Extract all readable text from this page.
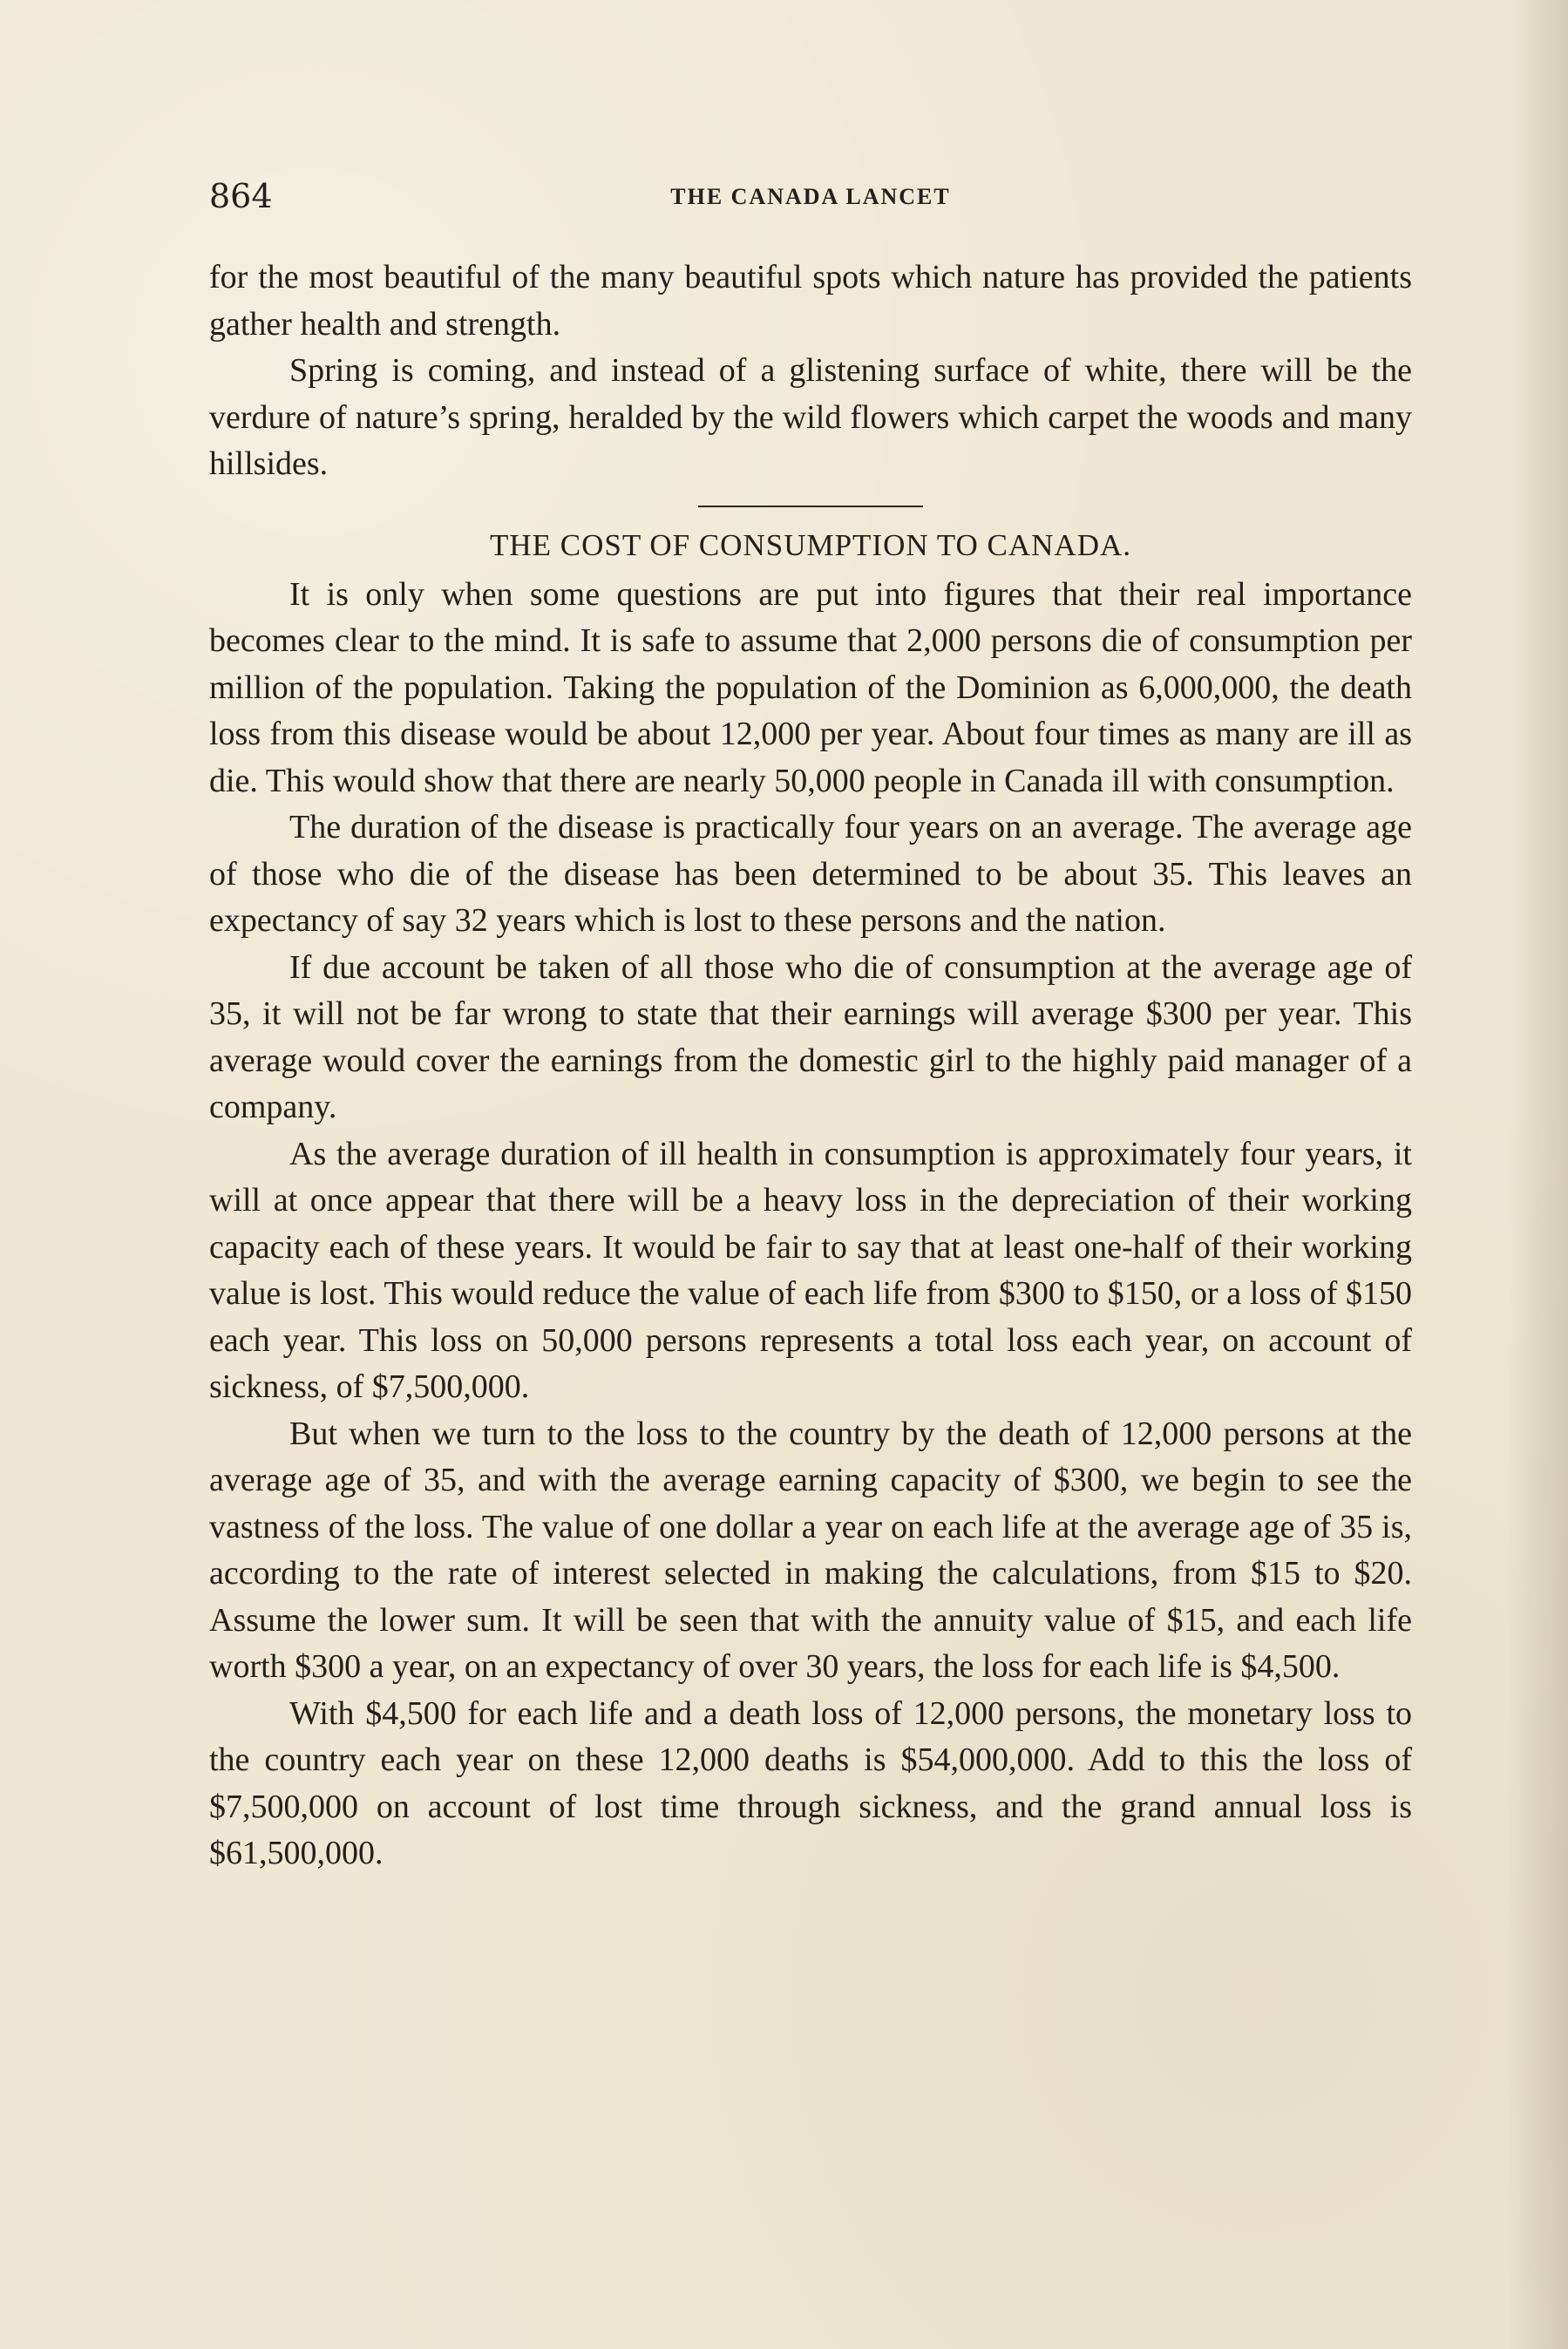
864	THE CANADA LANCET

for the most beautiful of the many beautiful spots which nature has provided the patients gather health and strength.

Spring is coming, and instead of a glistening surface of white, there will be the verdure of nature’s spring, heralded by the wild flowers which carpet the woods and many hillsides.

THE COST OF CONSUMPTION TO CANADA.

It is only when some questions are put into figures that their real importance becomes clear to the mind. It is safe to assume that 2,000 persons die of consumption per million of the population. Taking the population of the Dominion as 6,000,000, the death loss from this disease would be about 12,000 per year. About four times as many are ill as die. This would show that there are nearly 50,000 people in Canada ill with consumption.

The duration of the disease is practically four years on an average. The average age of those who die of the disease has been determined to be about 35. This leaves an expectancy of say 32 years which is lost to these persons and the nation.

If due account be taken of all those who die of consumption at the average age of 35, it will not be far wrong to state that their earnings will average $300 per year. This average would cover the earnings from the domestic girl to the highly paid manager of a company.

As the average duration of ill health in consumption is approximately four years, it will at once appear that there will be a heavy loss in the depreciation of their working capacity each of these years. It would be fair to say that at least one-half of their working value is lost. This would reduce the value of each life from $300 to $150, or a loss of $150 each year. This loss on 50,000 persons represents a total loss each year, on account of sickness, of $7,500,000.

But when we turn to the loss to the country by the death of 12,000 persons at the average age of 35, and with the average earning capacity of $300, we begin to see the vastness of the loss. The value of one dollar a year on each life at the average age of 35 is, according to the rate of interest selected in making the calculations, from $15 to $20. Assume the lower sum. It will be seen that with the annuity value of $15, and each life worth $300 a year, on an expectancy of over 30 years, the loss for each life is $4,500.

With $4,500 for each life and a death loss of 12,000 persons, the monetary loss to the country each year on these 12,000 deaths is $54,000,000. Add to this the loss of $7,500,000 on account of lost time through sickness, and the grand annual loss is $61,500,000.
